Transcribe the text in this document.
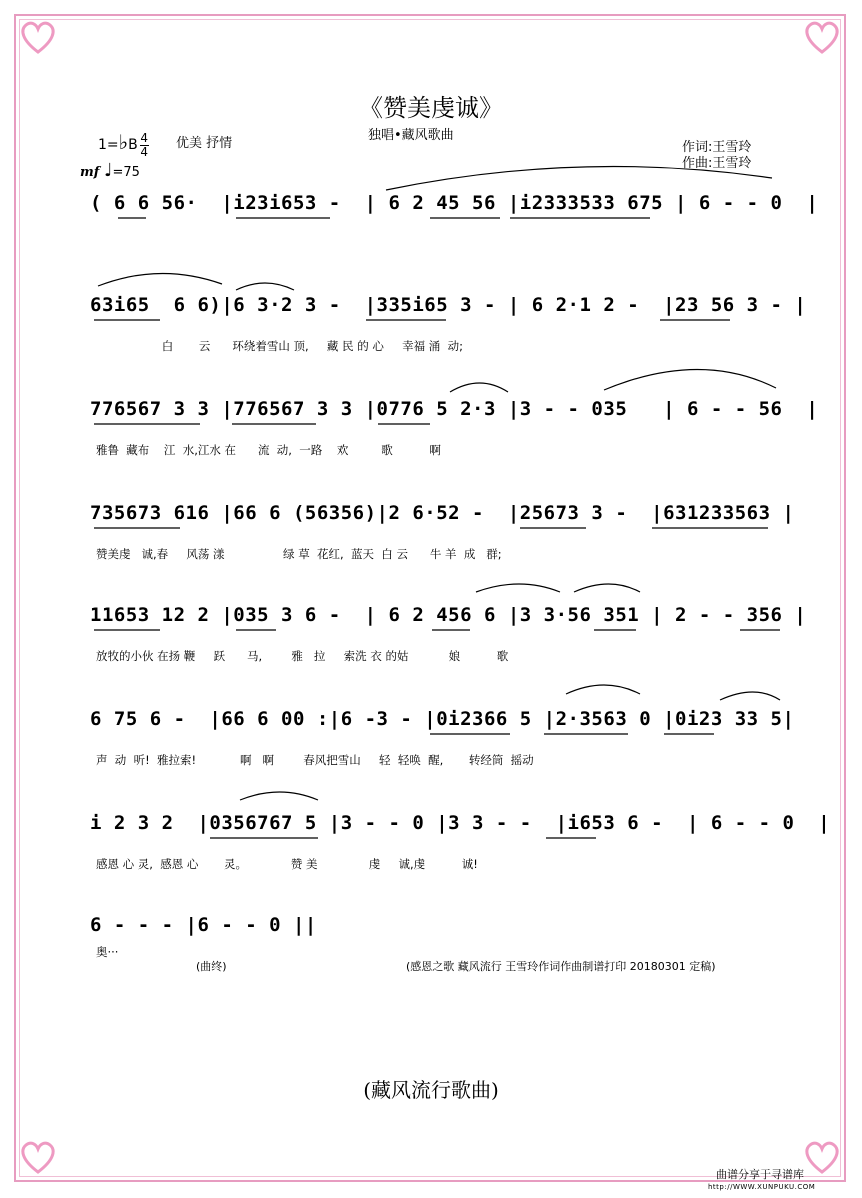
《赞美虔诚》
独唱•藏风歌曲
1=♭B $\frac{4}{4}$ 优美 抒情	作词:王雪玲
作曲:王雪玲
mf ♩=75
( 6 6 56·  |i23i653 -  | 6 2 45 56 |i2333533 675 | 6 - - 0  |
63i65  6 6)|6 3·2 3 -  |335i65 3 - | 6 2·1 2 -  |23 56 3 - |
白       云      环绕着雪山 顶,     藏 民 的 心     幸福 涌  动;
776567 3 3 |776567 3 3 |0776 5 2·3 |3 - - 035   | 6 - - 56  |
雅鲁  藏布    江  水,江水 在      流  动,  一路    欢         歌          啊
735673 616 |66 6 (56356)|2 6·52 -  |25673 3 -  |631233563 |
赞美虔   诚,春     风荡 漾                绿 草  花红,  蓝天  白 云      牛 羊  成   群;
11653 12 2 |035 3 6 -  | 6 2 456 6 |3 3·56 351 | 2 - - 356 |
放牧的小伙 在扬 鞭     跃      马,        雅   拉     索洗 衣 的姑           娘          歌
6 75 6 -  |66 6 00 :|6 -3 - |0i2366 5 |2·3563 0 |0i23 33 5|
声  动  听!  雅拉索!            啊   啊        春风把雪山     轻  轻唤  醒,       转经筒  摇动
i 2 3 2  |0356767 5 |3 - - 0 |3 3 - -  |i653 6 -  | 6 - - 0  |
感恩 心 灵,  感恩 心       灵。            赞 美              虔     诚,虔          诚!
6 - - - |6 - - 0 ||
奥···
(曲终)	(感恩之歌 藏风流行 王雪玲作词作曲制谱打印 20180301 定稿)
(藏风流行歌曲)
曲谱分享于寻谱库
http://WWW.XUNPUKU.COM
